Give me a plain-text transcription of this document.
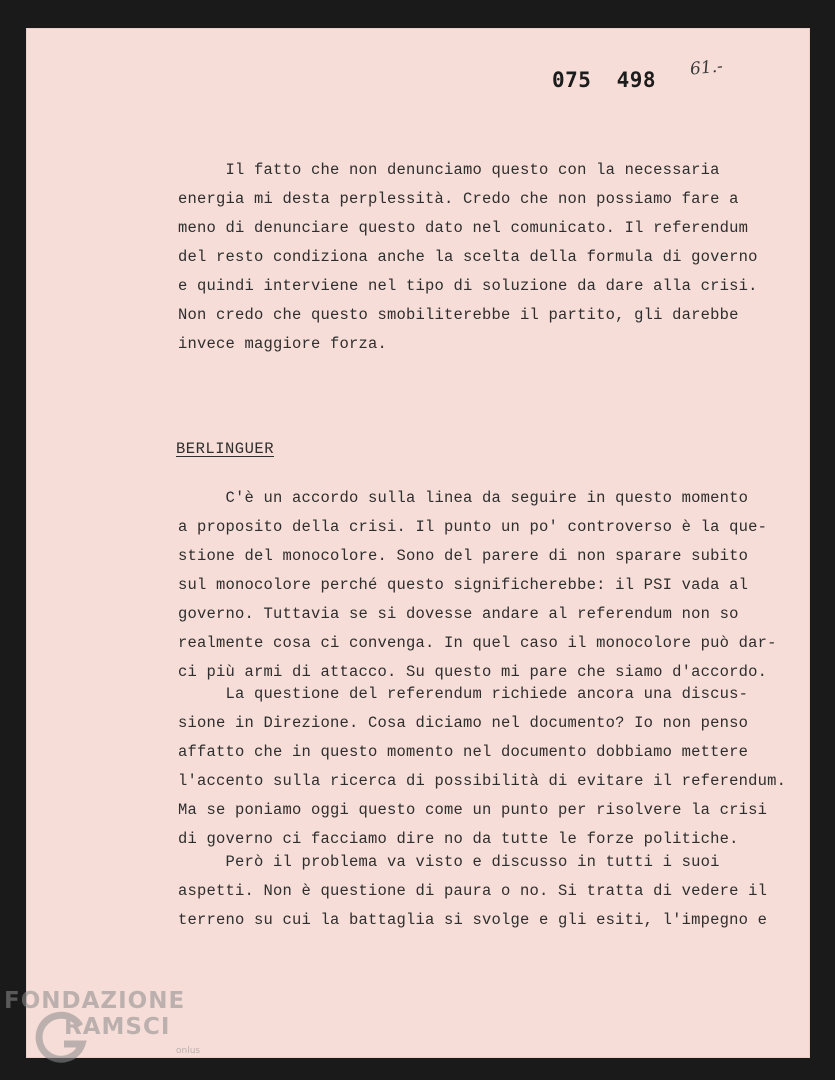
075 498 61.-
Il fatto che non denunciamo questo con la necessaria
energia mi desta perplessità. Credo che non possiamo fare a
meno di denunciare questo dato nel comunicato. Il referendum
del resto condiziona anche la scelta della formula di governo
e quindi interviene nel tipo di soluzione da dare alla crisi.
Non credo che questo smobiliterebbe il partito, gli darebbe
invece maggiore forza.
BERLINGUER
C'è un accordo sulla linea da seguire in questo momento
a proposito della crisi. Il punto un po' controverso è la que-
stione del monocolore. Sono del parere di non sparare subito
sul monocolore perché questo significherebbe: il PSI vada al
governo. Tuttavia se si dovesse andare al referendum non so
realmente cosa ci convenga. In quel caso il monocolore può dar-
ci più armi di attacco. Su questo mi pare che siamo d'accordo.
La questione del referendum richiede ancora una discus-
sione in Direzione. Cosa diciamo nel documento? Io non penso
affatto che in questo momento nel documento dobbiamo mettere
l'accento sulla ricerca di possibilità di evitare il referendum.
Ma se poniamo oggi questo come un punto per risolvere la crisi
di governo ci facciamo dire no da tutte le forze politiche.
Però il problema va visto e discusso in tutti i suoi
aspetti. Non è questione di paura o no. Si tratta di vedere il
terreno su cui la battaglia si svolge e gli esiti, l'impegno e
FONDAZIONE
RAMSCI
onlus
